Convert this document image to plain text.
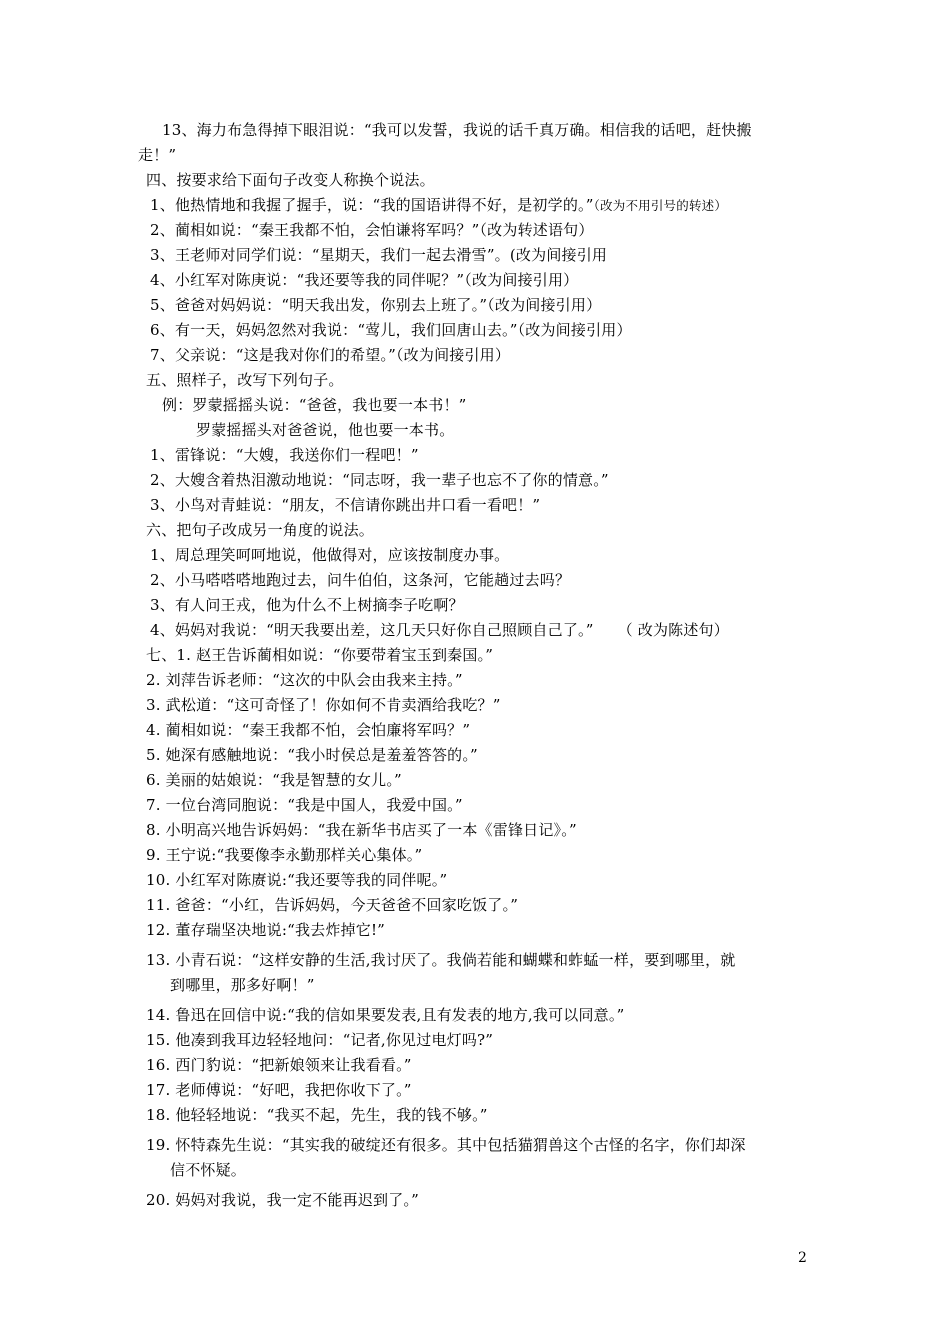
13、海力布急得掉下眼泪说：“我可以发誓，我说的话千真万确。相信我的话吧，赶快搬
走！”
四、按要求给下面句子改变人称换个说法。
1、他热情地和我握了握手，说：“我的国语讲得不好，是初学的。”（改为不用引号的转述）
2、蔺相如说：“秦王我都不怕，会怕谦将军吗？”（改为转述语句）
3、王老师对同学们说：“星期天，我们一起去滑雪”。(改为间接引用
4、小红军对陈庚说：“我还要等我的同伴呢？”（改为间接引用）
5、爸爸对妈妈说：“明天我出发，你别去上班了。”（改为间接引用）
6、有一天，妈妈忽然对我说：“莺儿，我们回唐山去。”（改为间接引用）
7、父亲说：“这是我对你们的希望。”（改为间接引用）
五、照样子，改写下列句子。
例：罗蒙摇摇头说：“爸爸，我也要一本书！”
罗蒙摇摇头对爸爸说，他也要一本书。
1、雷锋说：“大嫂，我送你们一程吧！”
2、大嫂含着热泪激动地说：“同志呀，我一辈子也忘不了你的情意。”
3、小鸟对青蛙说：“朋友，不信请你跳出井口看一看吧！”
六、把句子改成另一角度的说法。
1、周总理笑呵呵地说，他做得对，应该按制度办事。
2、小马嗒嗒嗒地跑过去，问牛伯伯，这条河，它能趟过去吗？
3、有人问王戎，他为什么不上树摘李子吃啊？
4、妈妈对我说：“明天我要出差，这几天只好你自己照顾自己了。” （ 改为陈述句）
七、1. 赵王告诉蔺相如说：“你要带着宝玉到秦国。”
2. 刘萍告诉老师：“这次的中队会由我来主持。”
3. 武松道：“这可奇怪了！你如何不肯卖酒给我吃？”
4. 蔺相如说：“秦王我都不怕，会怕廉将军吗？”
5. 她深有感触地说：“我小时侯总是羞羞答答的。”
6. 美丽的姑娘说：“我是智慧的女儿。”
7. 一位台湾同胞说：“我是中国人，我爱中国。”
8. 小明高兴地告诉妈妈：“我在新华书店买了一本《雷锋日记》。”
9. 王宁说:“我要像李永勤那样关心集体。”
10. 小红军对陈赓说:“我还要等我的同伴呢。”
11. 爸爸：“小红，告诉妈妈，今天爸爸不回家吃饭了。”
12. 董存瑞坚决地说:“我去炸掉它!”
13. 小青石说：“这样安静的生活,我讨厌了。我倘若能和蝴蝶和蚱蜢一样，要到哪里，就
到哪里，那多好啊！”
14. 鲁迅在回信中说:“我的信如果要发表,且有发表的地方,我可以同意。”
15. 他凑到我耳边轻轻地问：“记者,你见过电灯吗?”
16. 西门豹说：“把新娘领来让我看看。”
17. 老师傅说：“好吧，我把你收下了。”
18. 他轻轻地说：“我买不起，先生，我的钱不够。”
19. 怀特森先生说：“其实我的破绽还有很多。其中包括猫猬兽这个古怪的名字，你们却深
信不怀疑。
20. 妈妈对我说，我一定不能再迟到了。”
2
